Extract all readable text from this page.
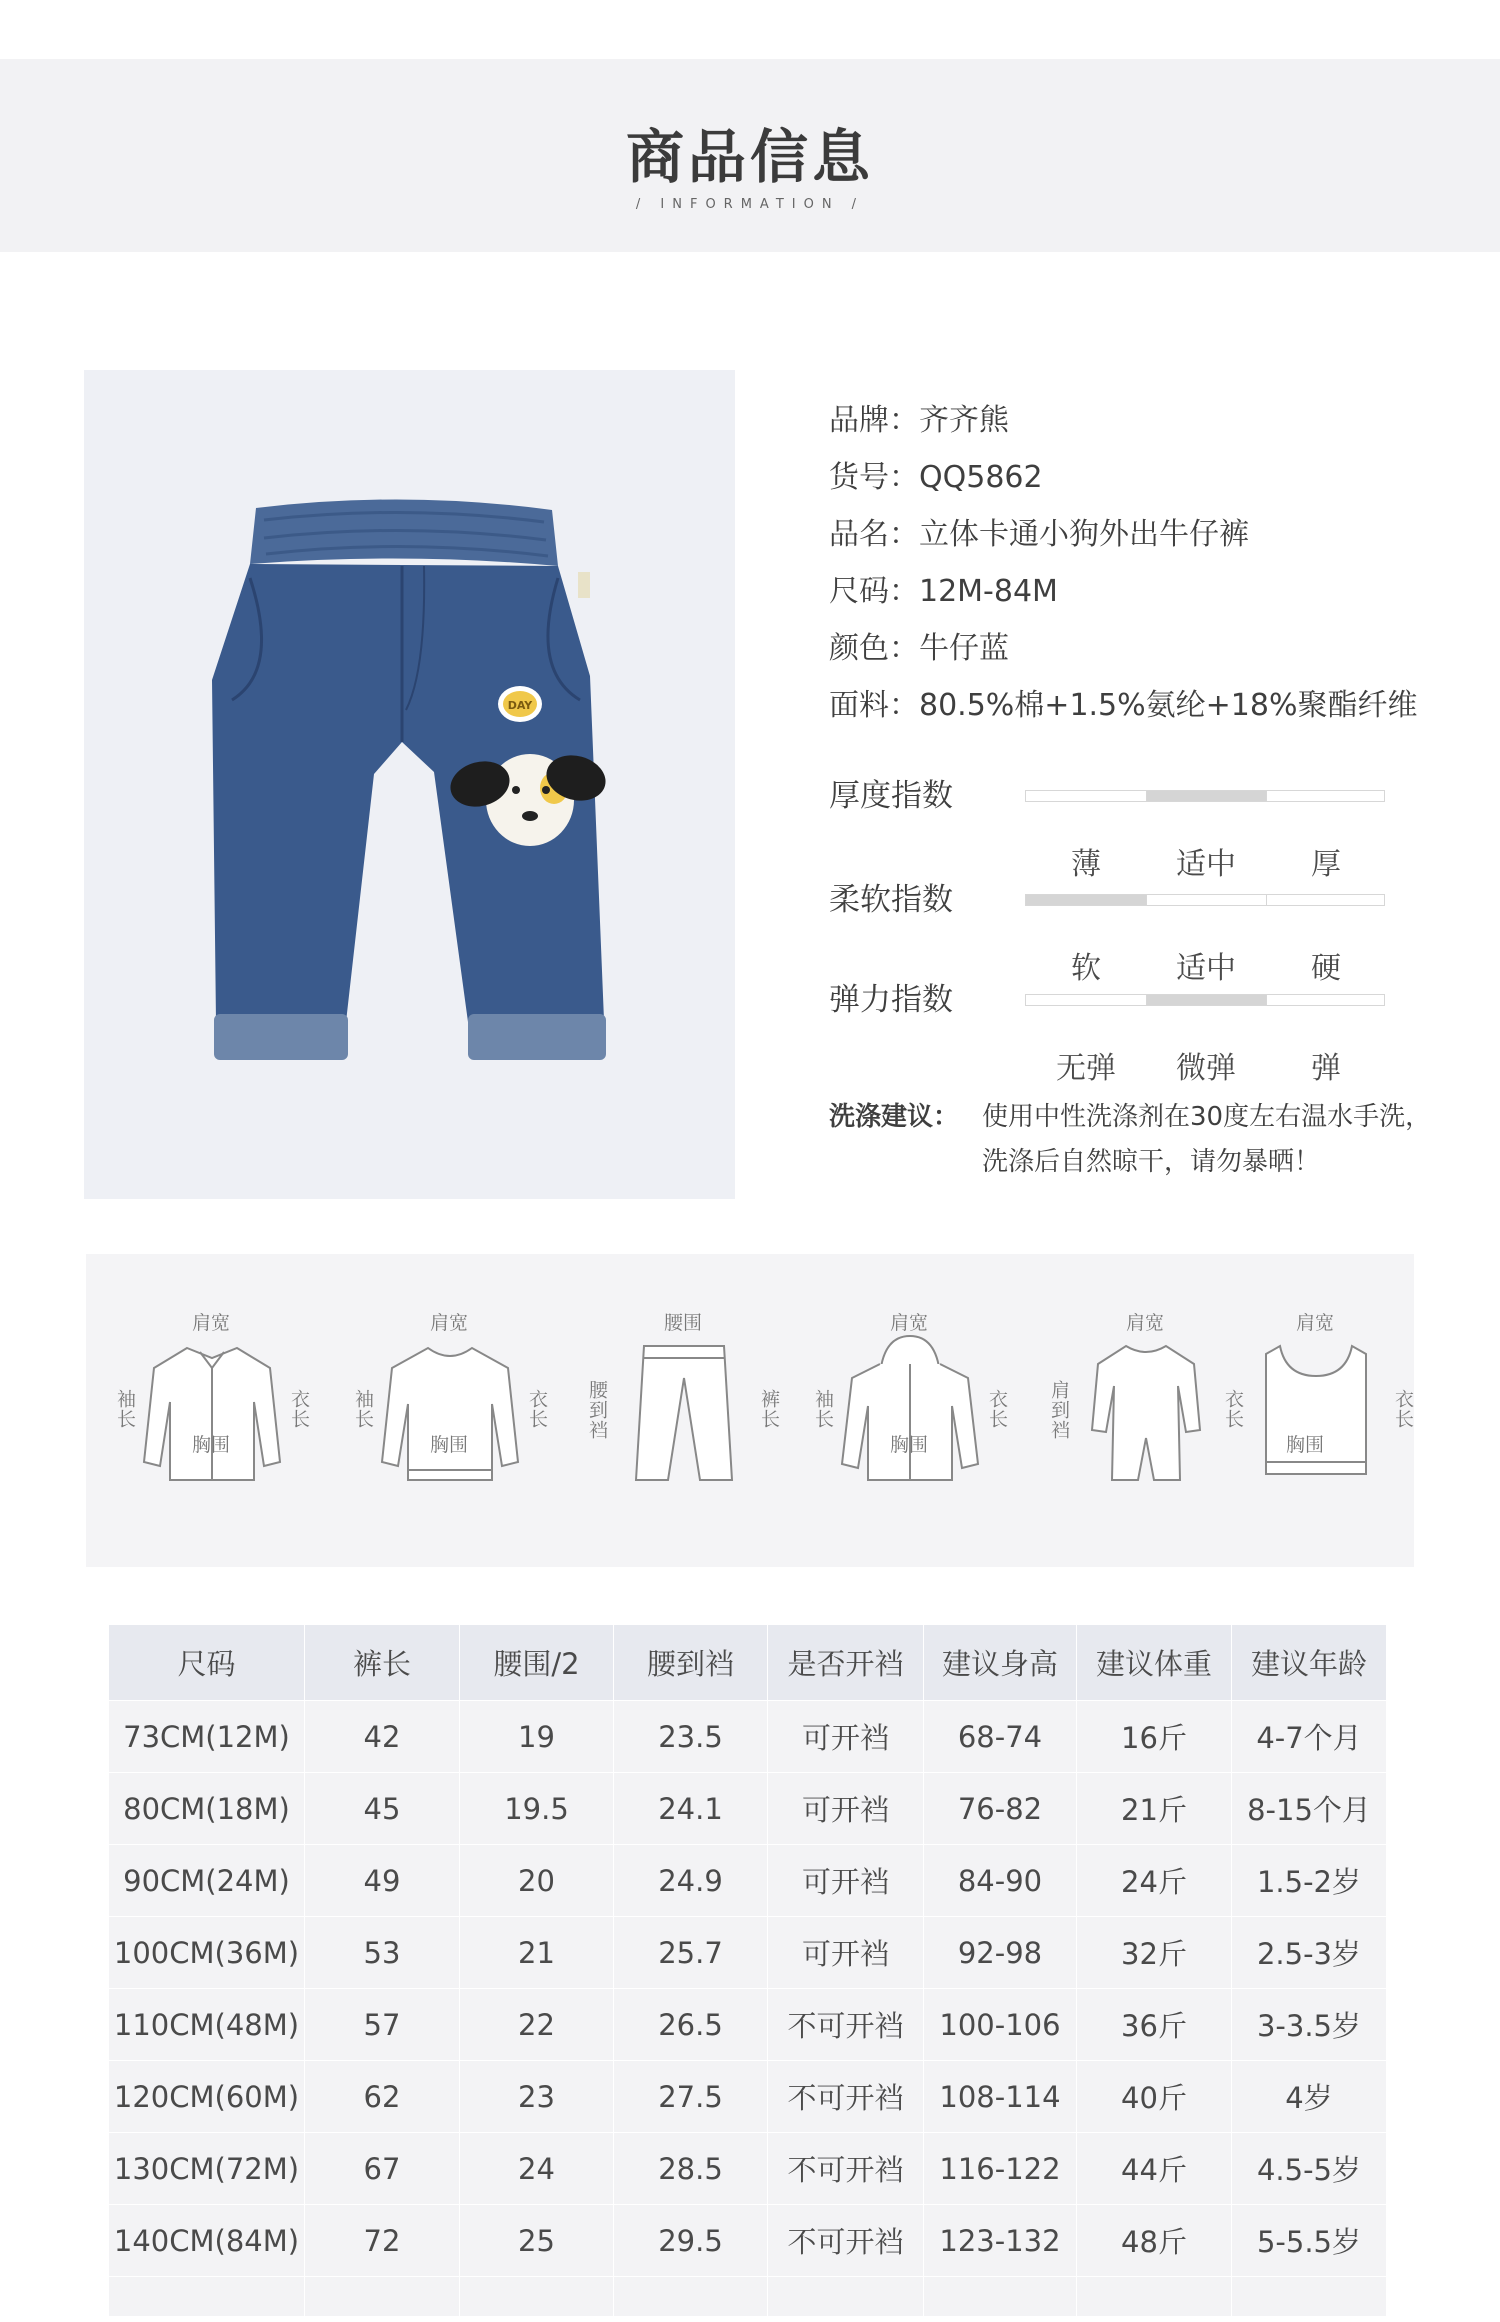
商品信息
/ INFORMATION /
DAY
品牌：齐齐熊
货号：QQ5862
品名：立体卡通小狗外出牛仔裤
尺码：12M-84M
颜色：牛仔蓝
面料：80.5%棉+1.5%氨纶+18%聚酯纤维
厚度指数
薄	适中	厚
柔软指数
软	适中	硬
弹力指数
无弹	微弹	弹
洗涤建议： 使用中性洗涤剂在30度左右温水手洗，
洗涤后自然晾干，请勿暴晒！
肩宽
袖长	衣长
胸围
肩宽
袖长	衣长
胸围
腰围
腰到裆	裤长
肩宽
袖长	衣长
胸围
肩宽
肩到裆	衣长
肩宽
衣长
胸围
尺码	裤长	腰围/2	腰到裆	是否开裆	建议身高	建议体重	建议年龄
73CM(12M)	42	19	23.5	可开裆	68-74	16斤	4-7个月
80CM(18M)	45	19.5	24.1	可开裆	76-82	21斤	8-15个月
90CM(24M)	49	20	24.9	可开裆	84-90	24斤	1.5-2岁
100CM(36M)	53	21	25.7	可开裆	92-98	32斤	2.5-3岁
110CM(48M)	57	22	26.5	不可开裆	100-106	36斤	3-3.5岁
120CM(60M)	62	23	27.5	不可开裆	108-114	40斤	4岁
130CM(72M)	67	24	28.5	不可开裆	116-122	44斤	4.5-5岁
140CM(84M)	72	25	29.5	不可开裆	123-132	48斤	5-5.5岁
